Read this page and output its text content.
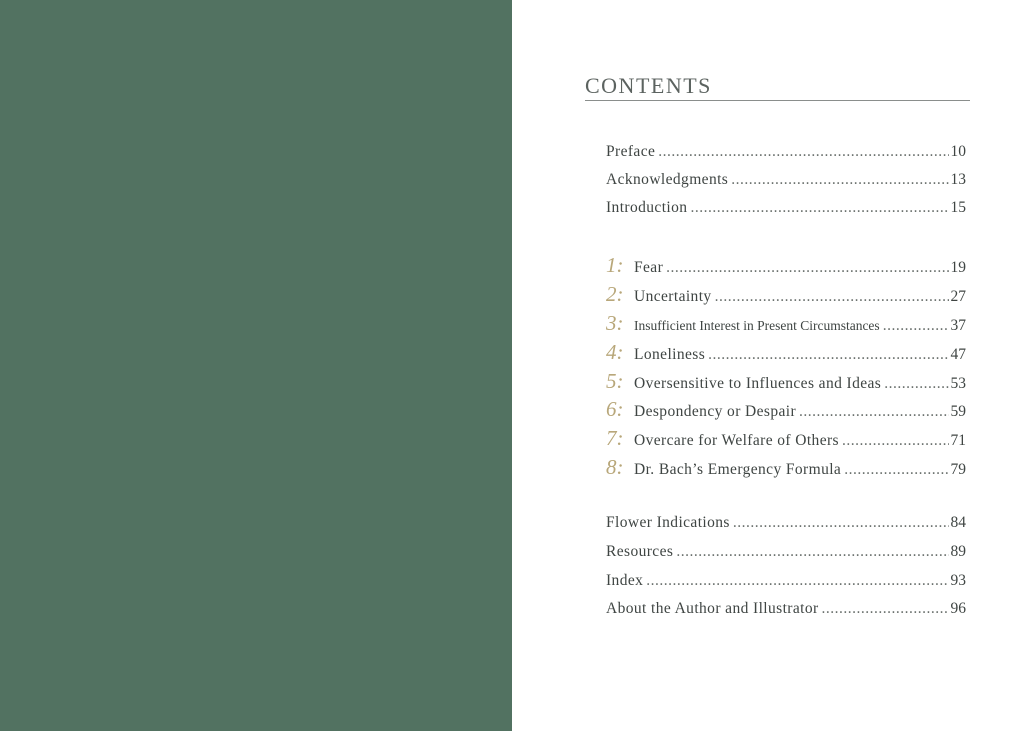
CONTENTS
Preface .....	10
Acknowledgments .....	13
Introduction .....	15
1: Fear .....	19
2: Uncertainty .....	27
3: Insufficient Interest in Present Circumstances .....	37
4: Loneliness .....	47
5: Oversensitive to Influences and Ideas .....	53
6: Despondency or Despair .....	59
7: Overcare for Welfare of Others .....	71
8: Dr. Bach’s Emergency Formula .....	79
Flower Indications .....	84
Resources .....	89
Index .....	93
About the Author and Illustrator .....	96
